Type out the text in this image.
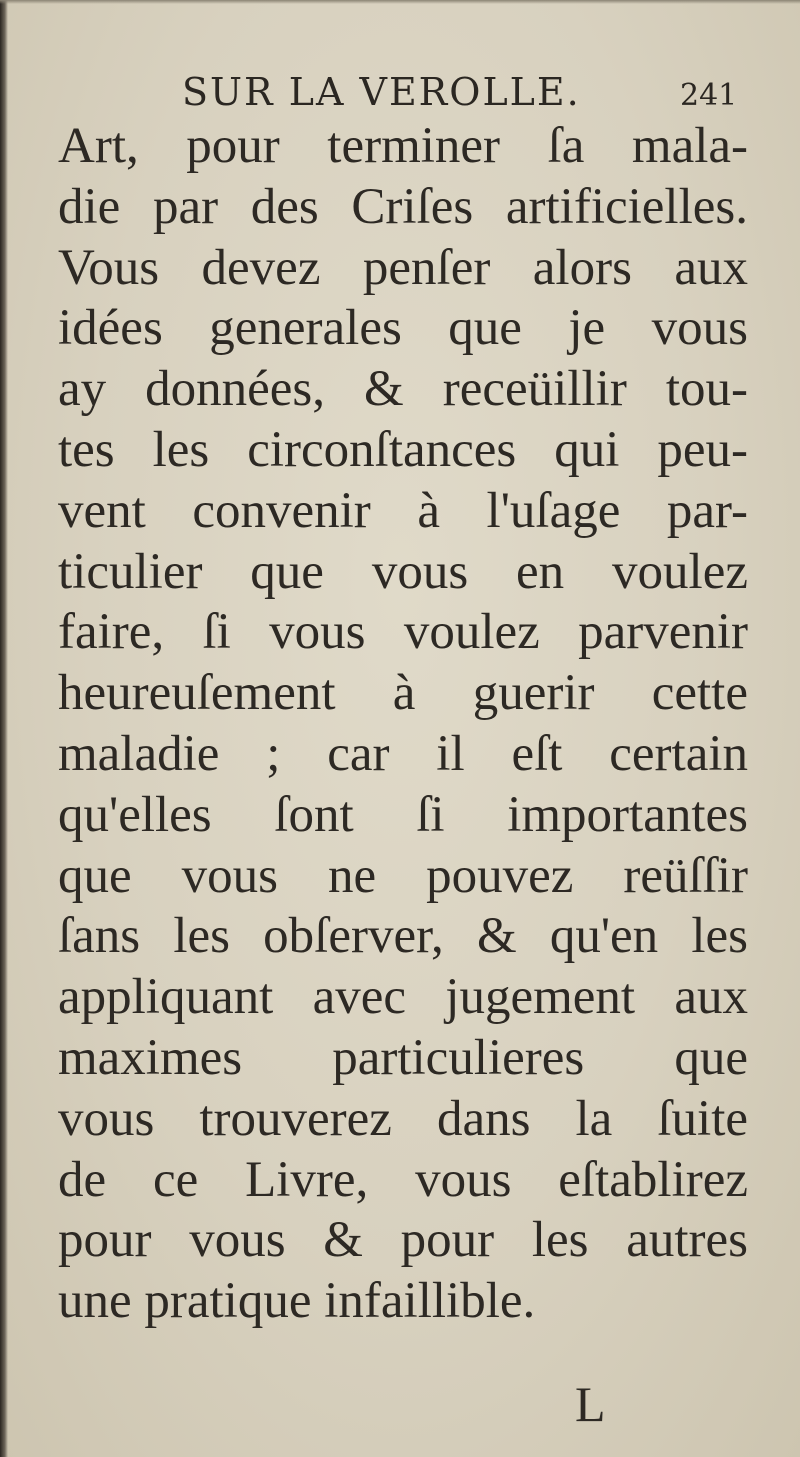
SUR LA VEROLLE.	241
Art, pour terminer ſa mala-
die par des Criſes artificielles.
Vous devez penſer alors aux
idées generales que je vous
ay données, & receüillir tou-
tes les circonſtances qui peu-
vent convenir à l'uſage par-
ticulier que vous en voulez
faire, ſi vous voulez parvenir
heureuſement à guerir cette
maladie ; car il eſt certain
qu'elles ſont ſi importantes
que vous ne pouvez reüſſir
ſans les obſerver, & qu'en les
appliquant avec jugement aux
maximes particulieres que
vous trouverez dans la ſuite
de ce Livre, vous eſtablirez
pour vous & pour les autres
une pratique infaillible.
L
